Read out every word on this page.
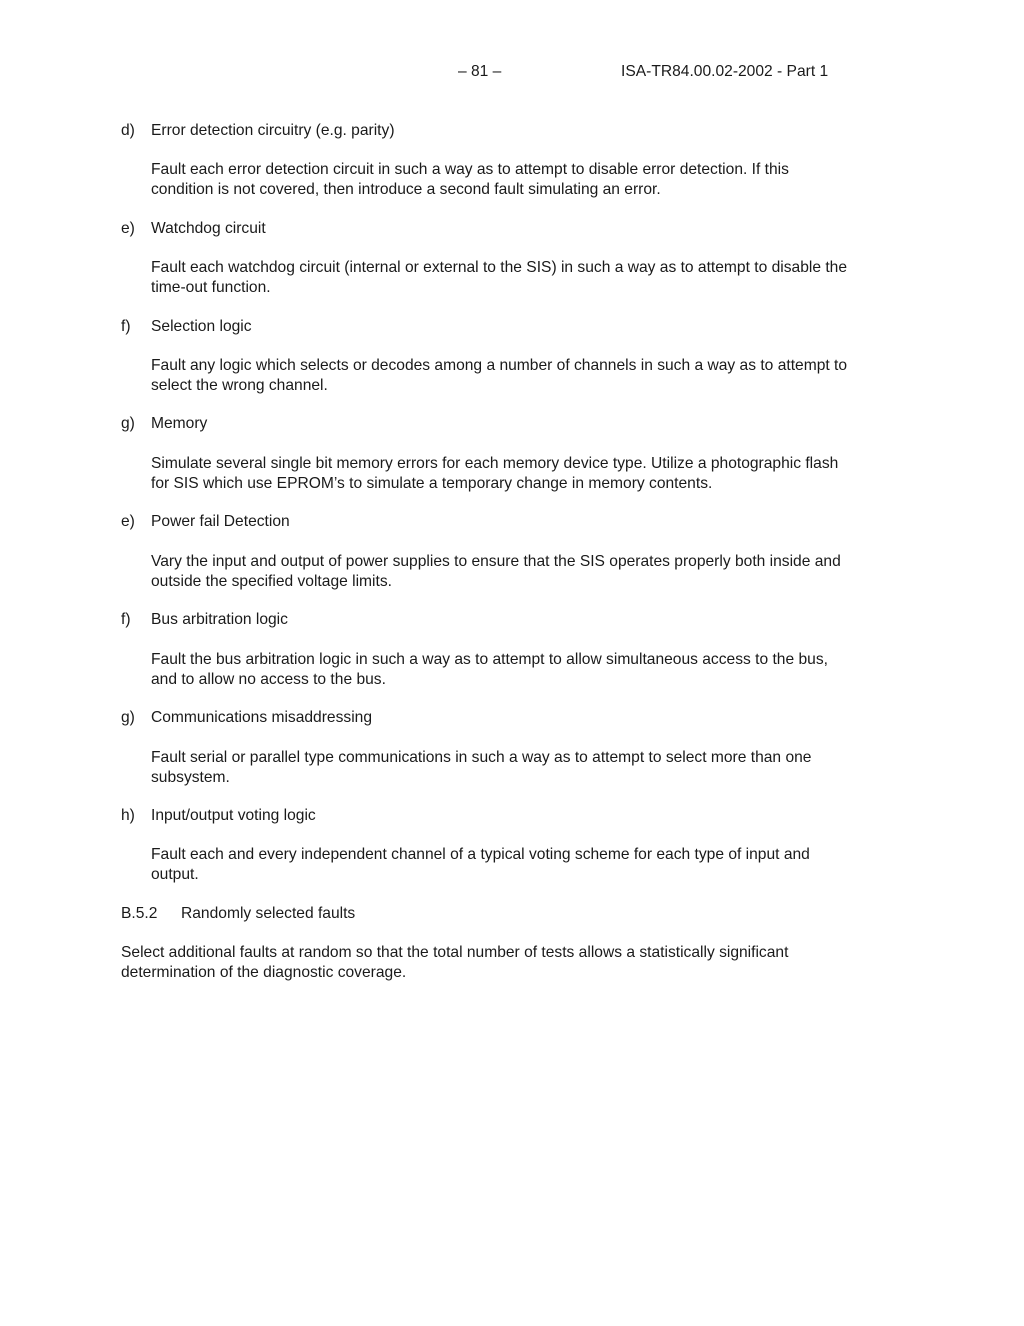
– 81 –	ISA-TR84.00.02-2002 - Part 1
d) Error detection circuitry (e.g. parity)
Fault each error detection circuit in such a way as to attempt to disable error detection. If this
condition is not covered, then introduce a second fault simulating an error.
e) Watchdog circuit
Fault each watchdog circuit (internal or external to the SIS) in such a way as to attempt to disable the
time-out function.
f) Selection logic
Fault any logic which selects or decodes among a number of channels in such a way as to attempt to
select the wrong channel.
g) Memory
Simulate several single bit memory errors for each memory device type. Utilize a photographic flash
for SIS which use EPROM’s to simulate a temporary change in memory contents.
e) Power fail Detection
Vary the input and output of power supplies to ensure that the SIS operates properly both inside and
outside the specified voltage limits.
f) Bus arbitration logic
Fault the bus arbitration logic in such a way as to attempt to allow simultaneous access to the bus,
and to allow no access to the bus.
g) Communications misaddressing
Fault serial or parallel type communications in such a way as to attempt to select more than one
subsystem.
h) Input/output voting logic
Fault each and every independent channel of a typical voting scheme for each type of input and
output.
B.5.2 Randomly selected faults
Select additional faults at random so that the total number of tests allows a statistically significant
determination of the diagnostic coverage.
